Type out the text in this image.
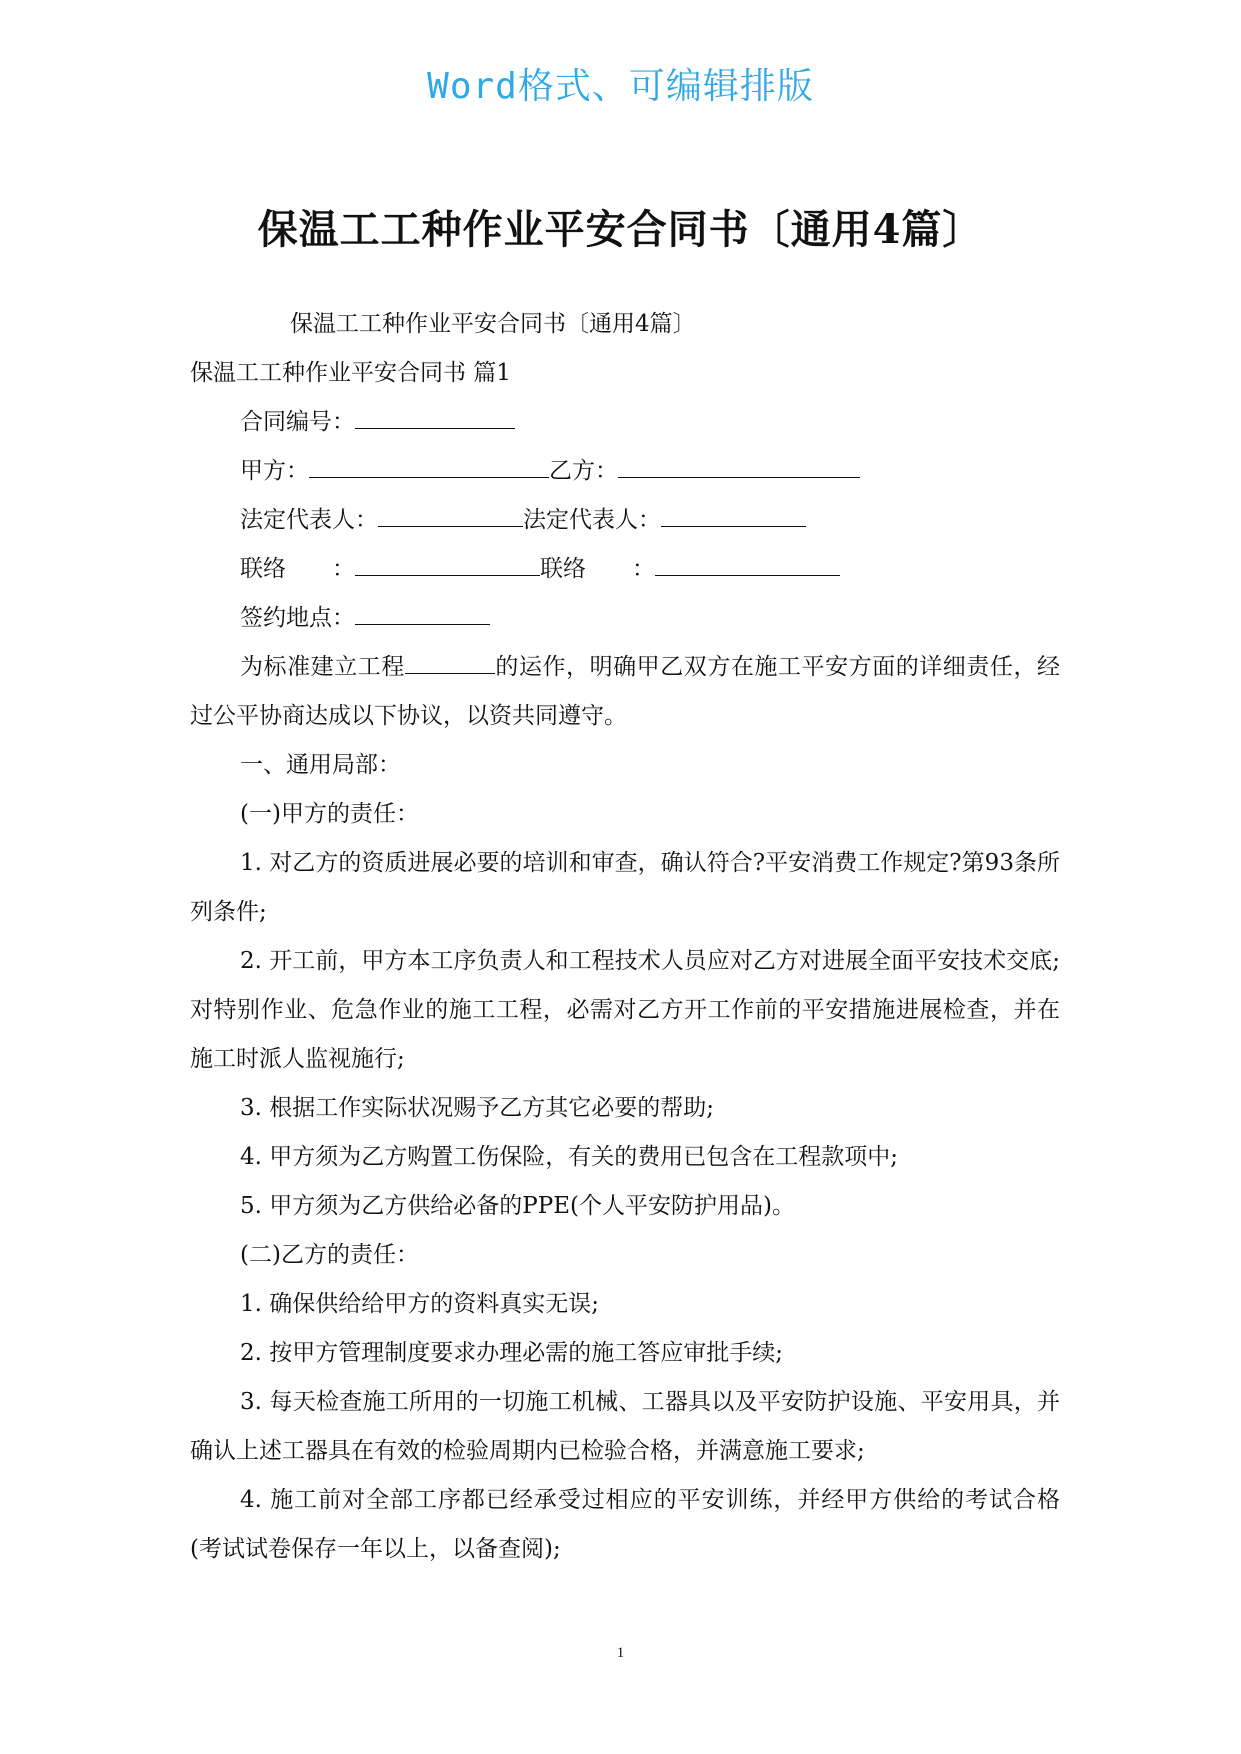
Word格式、可编辑排版
保温工工种作业平安合同书〔通用4篇〕
保温工工种作业平安合同书〔通用4篇〕
保温工工种作业平安合同书 篇1
合同编号：
甲方：	乙方：
法定代表人：	法定代表人：
联络 ：	联络 ：
签约地点：
为标准建立工程	的运作，明确甲乙双方在施工平安方面的详细责任，经过公平协商达成以下协议，以资共同遵守。
一、通用局部：
(一)甲方的责任：
1. 对乙方的资质进展必要的培训和审查，确认符合?平安消费工作规定?第93条所列条件;
2. 开工前，甲方本工序负责人和工程技术人员应对乙方对进展全面平安技术交底;对特别作业、危急作业的施工工程，必需对乙方开工作前的平安措施进展检查，并在施工时派人监视施行;
3. 根据工作实际状况赐予乙方其它必要的帮助;
4. 甲方须为乙方购置工伤保险，有关的费用已包含在工程款项中;
5. 甲方须为乙方供给必备的PPE(个人平安防护用品)。
(二)乙方的责任：
1. 确保供给给甲方的资料真实无误;
2. 按甲方管理制度要求办理必需的施工答应审批手续;
3. 每天检查施工所用的一切施工机械、工器具以及平安防护设施、平安用具，并确认上述工器具在有效的检验周期内已检验合格，并满意施工要求;
4. 施工前对全部工序都已经承受过相应的平安训练，并经甲方供给的考试合格(考试试卷保存一年以上，以备查阅);
1
